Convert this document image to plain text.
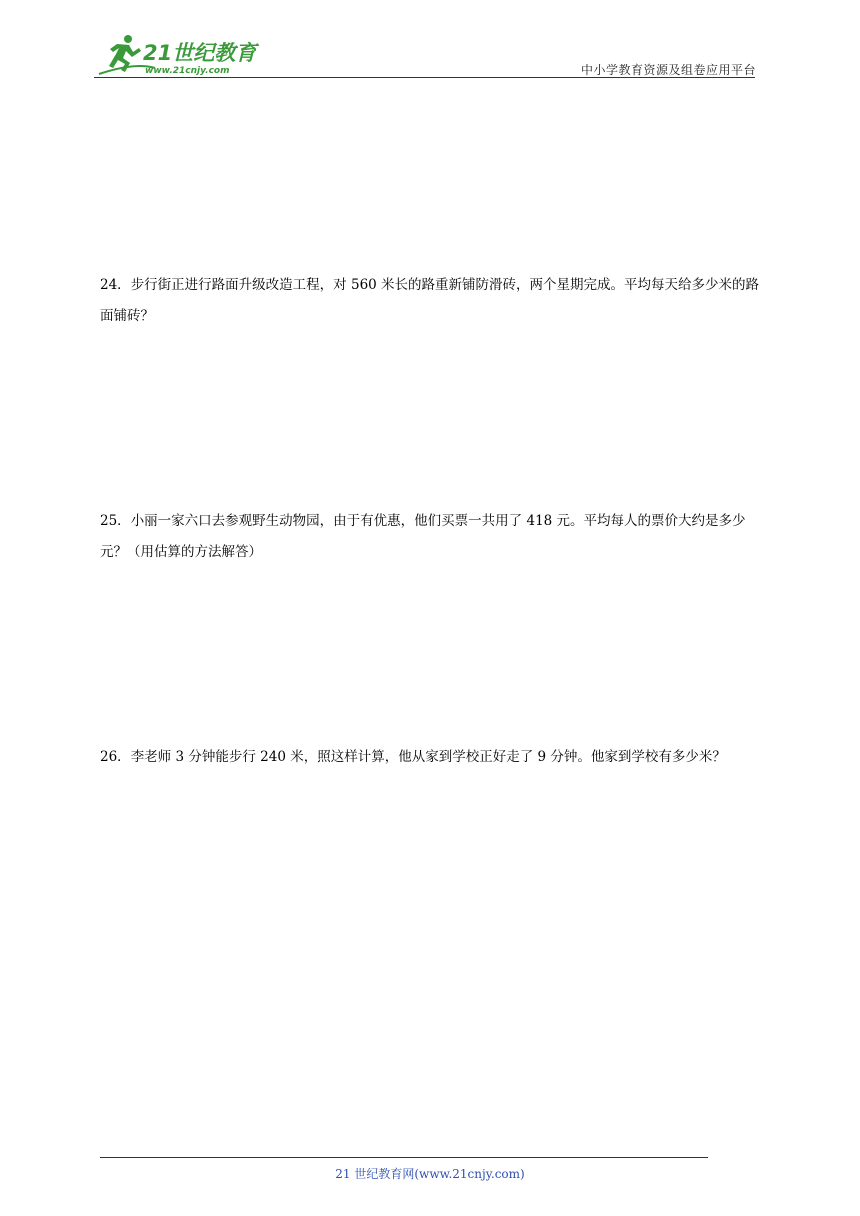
21世纪教育
www.21cnjy.com	中小学教育资源及组卷应用平台
24．步行街正进行路面升级改造工程，对 560 米长的路重新铺防滑砖，两个星期完成。平均每天给多少米的路面铺砖？
25．小丽一家六口去参观野生动物园，由于有优惠，他们买票一共用了 418 元。平均每人的票价大约是多少元？（用估算的方法解答）
26．李老师 3 分钟能步行 240 米，照这样计算，他从家到学校正好走了 9 分钟。他家到学校有多少米？
21 世纪教育网(www.21cnjy.com)
